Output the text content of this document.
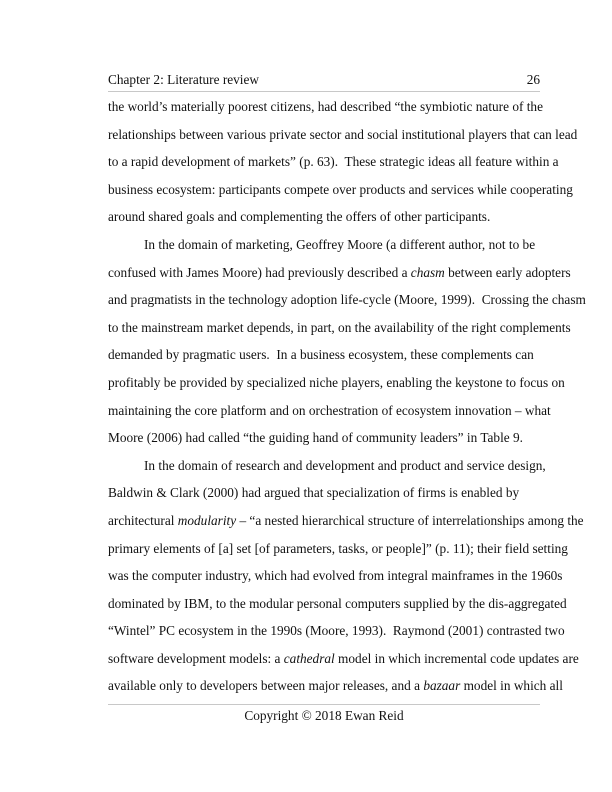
Chapter 2: Literature review	26
the world’s materially poorest citizens, had described “the symbiotic nature of the
relationships between various private sector and social institutional players that can lead
to a rapid development of markets” (p. 63).  These strategic ideas all feature within a
business ecosystem: participants compete over products and services while cooperating
around shared goals and complementing the offers of other participants.
In the domain of marketing, Geoffrey Moore (a different author, not to be
confused with James Moore) had previously described a chasm between early adopters
and pragmatists in the technology adoption life-cycle (Moore, 1999).  Crossing the chasm
to the mainstream market depends, in part, on the availability of the right complements
demanded by pragmatic users.  In a business ecosystem, these complements can
profitably be provided by specialized niche players, enabling the keystone to focus on
maintaining the core platform and on orchestration of ecosystem innovation – what
Moore (2006) had called “the guiding hand of community leaders” in Table 9.
In the domain of research and development and product and service design,
Baldwin & Clark (2000) had argued that specialization of firms is enabled by
architectural modularity – “a nested hierarchical structure of interrelationships among the
primary elements of [a] set [of parameters, tasks, or people]” (p. 11); their field setting
was the computer industry, which had evolved from integral mainframes in the 1960s
dominated by IBM, to the modular personal computers supplied by the dis-aggregated
“Wintel” PC ecosystem in the 1990s (Moore, 1993).  Raymond (2001) contrasted two
software development models: a cathedral model in which incremental code updates are
available only to developers between major releases, and a bazaar model in which all
Copyright © 2018 Ewan Reid
